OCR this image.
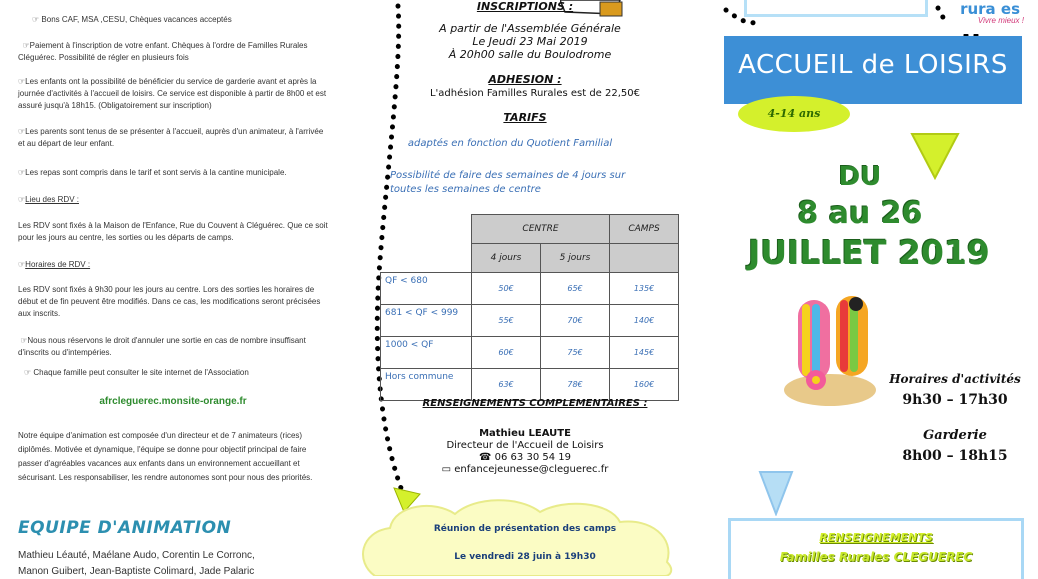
☞ Bons CAF, MSA ,CESU, Chèques vacances acceptés

☞Paiement à l'inscription de votre enfant. Chèques à l'ordre de Familles Rurales Cléguérec. Possibilité de régler en plusieurs fois

☞Les enfants ont la possibilité de bénéficier du service de garderie avant et après la journée d'activités à l'accueil de loisirs. Ce service est disponible à partir de 8h00 et est assuré jusqu'à 18h15. (Obligatoirement sur inscription)

☞Les parents sont tenus de se présenter à l'accueil, auprès d'un animateur, à l'arrivée et au départ de leur enfant.

☞Les repas sont compris dans le tarif et sont servis à la cantine municipale.

☞Lieu des RDV :

Les RDV sont fixés à la Maison de l'Enfance, Rue du Couvent à Cléguérec. Que ce soit pour les jours au centre, les sorties ou les départs de camps.

☞Horaires de RDV :

Les RDV sont fixés à 9h30 pour les jours au centre. Lors des sorties les horaires de début et de fin peuvent être modifiés. Dans ce cas, les modifications seront précisées aux inscrits.

☞Nous nous réservons le droit d'annuler une sortie en cas de nombre insuffisant d'inscrits ou d'intempéries.

☞ Chaque famille peut consulter le site internet de l'Association

afrcleguerec.monsite-orange.fr

Notre équipe d'animation est composée d'un directeur et de 7 animateurs (rices) diplômés. Motivée et dynamique, l'équipe se donne pour objectif principal de faire passer d'agréables vacances aux enfants dans un environnement accueillant et sécurisant. Les responsabiliser, les rendre autonomes sont pour nous des priorités.

EQUIPE D'ANIMATION

Mathieu Léauté, Maélane Audo, Corentin Le Corronc,

Manon Guibert, Jean-Baptiste Colimard, Jade Palaric

INSCRIPTIONS :
A partir de l'Assemblée Générale
Le Jeudi 23 Mai 2019
À 20h00 salle du Boulodrome
ADHESION :
L'adhésion Familles Rurales est de 22,50€
TARIFS
adaptés en fonction du Quotient Familial
Possibilité de faire des semaines de 4 jours sur
toutes les semaines de centre
	CENTRE		CAMPS
	4 jours	5 jours	
QF < 680	50€	65€	135€
681 < QF < 999	55€	70€	140€
1000 < QF	60€	75€	145€
Hors commune	63€	78€	160€
RENSEIGNEMENTS COMPLEMENTAIRES :
Mathieu LEAUTE
Directeur de l'Accueil de Loisirs
☎ 06 63 30 54 19
▭ enfancejeunesse@cleguerec.fr
Réunion de présentation des camps
Le vendredi 28 juin à 19h30
rura es
Vivre mieux !
ACCUEIL de LOISIRS
4-14 ans
DU
8 au 26
JUILLET 2019
Horaires d'activités
9h30 – 17h30
Garderie
8h00 – 18h15
RENSEIGNEMENTS
Familles Rurales CLEGUEREC
